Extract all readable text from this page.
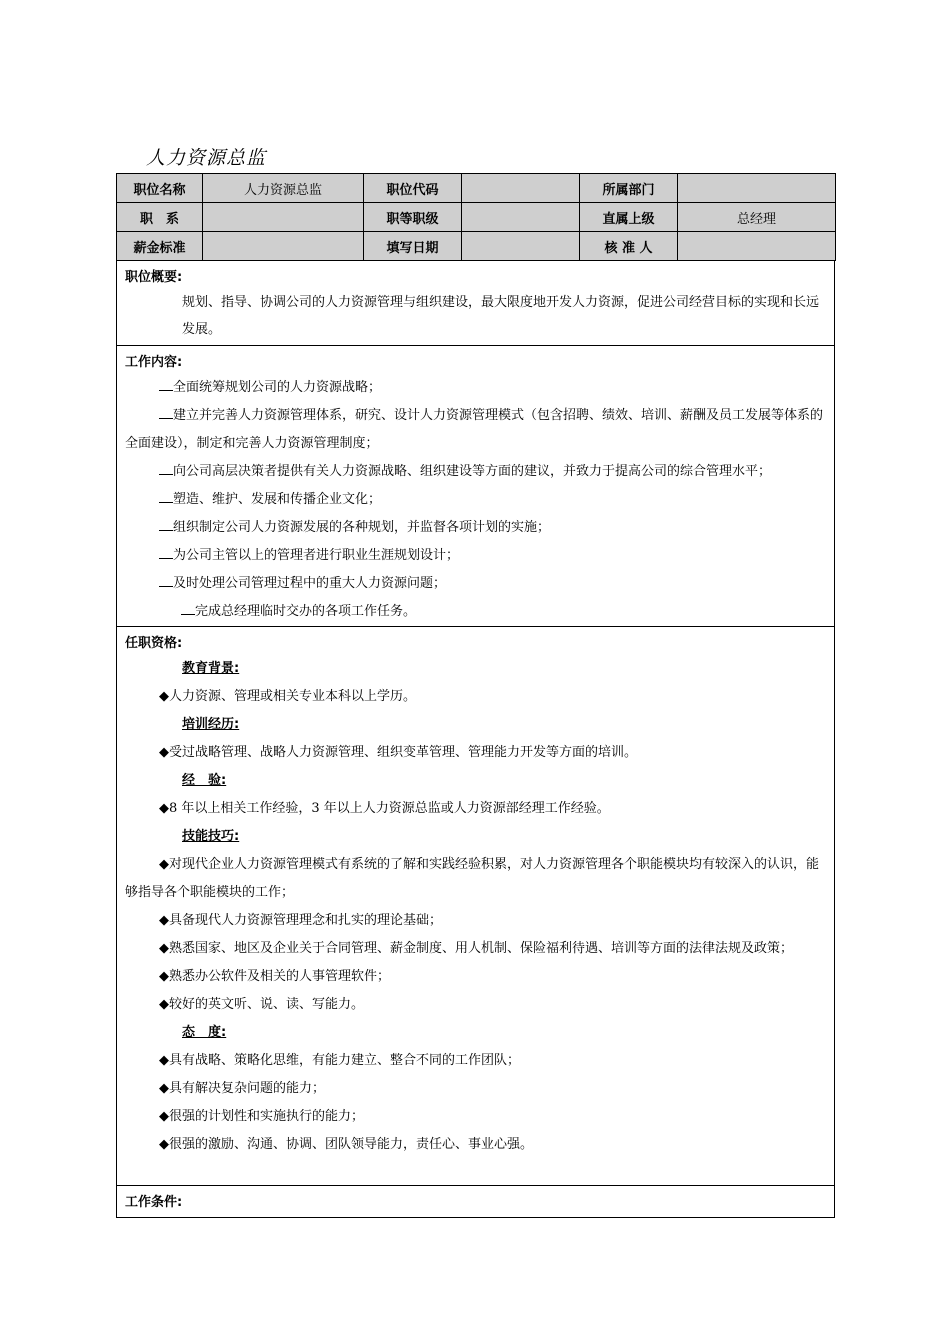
人力资源总监
职位名称	人力资源总监	职位代码		所属部门	
职　系		职等职级		直属上级	总经理
薪金标准		填写日期		核 准 人	
职位概要:
规划、指导、协调公司的人力资源管理与组织建设，最大限度地开发人力资源，促进公司经营目标的实现和长远发展。
工作内容:
全面统筹规划公司的人力资源战略；
建立并完善人力资源管理体系，研究、设计人力资源管理模式（包含招聘、绩效、培训、薪酬及员工发展等体系的全面建设），制定和完善人力资源管理制度；
向公司高层决策者提供有关人力资源战略、组织建设等方面的建议，并致力于提高公司的综合管理水平；
塑造、维护、发展和传播企业文化；
组织制定公司人力资源发展的各种规划，并监督各项计划的实施；
为公司主管以上的管理者进行职业生涯规划设计；
及时处理公司管理过程中的重大人力资源问题；
完成总经理临时交办的各项工作任务。
任职资格:
教育背景:
◆人力资源、管理或相关专业本科以上学历。
培训经历:
◆受过战略管理、战略人力资源管理、组织变革管理、管理能力开发等方面的培训。
经　验:
◆8 年以上相关工作经验，3 年以上人力资源总监或人力资源部经理工作经验。
技能技巧:
◆对现代企业人力资源管理模式有系统的了解和实践经验积累，对人力资源管理各个职能模块均有较深入的认识，能够指导各个职能模块的工作；
◆具备现代人力资源管理理念和扎实的理论基础；
◆熟悉国家、地区及企业关于合同管理、薪金制度、用人机制、保险福利待遇、培训等方面的法律法规及政策；
◆熟悉办公软件及相关的人事管理软件；
◆较好的英文听、说、读、写能力。
态　度:
◆具有战略、策略化思维，有能力建立、整合不同的工作团队；
◆具有解决复杂问题的能力；
◆很强的计划性和实施执行的能力；
◆很强的激励、沟通、协调、团队领导能力，责任心、事业心强。
工作条件:
